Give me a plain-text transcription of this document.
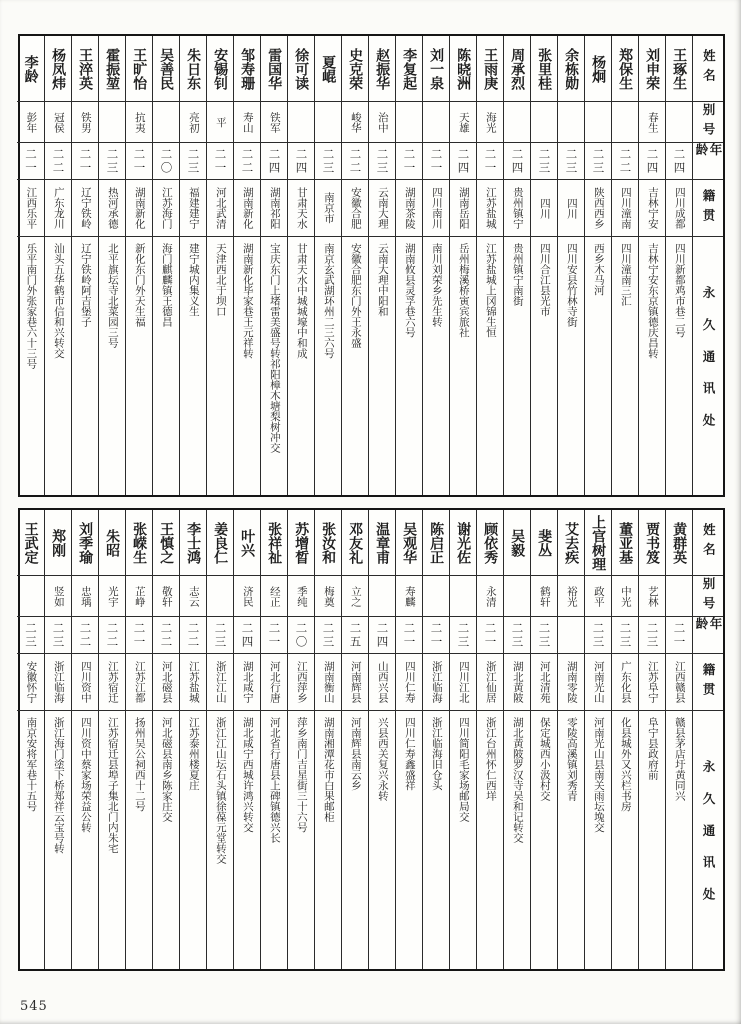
姓名
别号
年龄
籍贯
永久通讯处
王琢生
二四
四川成都
四川新都鸡市巷二号
刘申荣
春生
二四
吉林宁安
吉林宁安东京镇德庆昌转
郑保生
二二
四川潼南
四川潼南三汇
杨炯
二三
陕西西乡
西乡木马河
余栋勋
二三
四川
四川安县竹林寺街
张里桂
二三
四川
四川合江县光市
周承烈
二四
贵州镇宁
贵州镇宁南街
王雨庚
海光
二一
江苏盐城
江苏盐城上冈锦生恒
陈晓洲
天雄
二四
湖南岳阳
岳州梅溪桥寅宾旅社
刘一泉
二一
四川南川
南川刘荣乡先生转
李复起
二一
湖南茶陵
湖南攸县灵孚巷六号
赵振华
治中
二三
云南大理
云南大理中阳和
史克荣
峻华
二二
安徽合肥
安徽合肥东门外王永盛
夏崐
二三
南京市
南京玄武湖环州二三六号
徐可读
二四
甘肃天水
甘肃天水中城城壕中和成
雷国华
铁军
二四
湖南祁阳
宝庆东门上堵雷美盛号转祁阳樟木塘梨树冲交
邹寿珊
寿山
二二
湖南新化
湖南新化毕家巷王元祥转
安锡钊
平
二一
河北武清
天津西北于坝口
朱日东
亮初
二三
福建建宁
建宁城内集义生
吴善民
二〇
江苏海门
海门麒麟镇王德昌
王旷怡
抗夷
二一
湖南新化
新化东门外天生福
霍振堃
二三
热河承德
北平旗坛寺北菜园三号
王淬英
铁男
二一
辽宁铁岭
辽宁铁岭阿吉堡子
杨凤炜
冠侯
二二
广东龙川
汕头五华鹤市信和兴转交
李龄
彭年
二一
江西乐平
乐平南门外张家巷六十三号
姓名
别号
年龄
籍贯
永久通讯处
黄群英
二一
江西赣县
赣县茅店圩黄同兴
贾书笈
艺林
二三
江苏阜宁
阜宁县政府前
董亚基
中光
二三
广东化县
化县城外又兴栏书房
上官树理
政平
二三
河南光山
河南光山县南关雨坛堍交
艾去疾
裕光
湖南零陵
零陵高溪镇刘秀青
斐丛
鹤轩
二三
河北清苑
保定城西小汲村交
吴毅
二三
湖北黄陂
湖北黄陂罗汉寺吴和记转交
顾依秀
永清
二一
浙江仙居
浙江台州怀仁西垟
谢光佐
二三
四川江北
四川简阳毛家场邮局交
陈启正
二一
浙江临海
浙江临海旧仓头
吴观华
寿麟
二一
四川仁寿
四川仁寿鑫盛祥
温章甫
二四
山西兴县
兴县西关复兴永转
邓友礼
立之
二五
河南辉县
河南辉县南云乡
张汝和
梅奠
二三
湖南衡山
湖南湘潭花市白果邮柜
苏增晳
季纯
二〇
江西萍乡
萍乡南门吉星街三十六号
张祥祉
经正
二一
河北行唐
河北省行唐县上碑镇德兴长
叶兴
济民
二四
湖北咸宁
湖北咸宁西城许鸿兴转交
姜良仁
二三
浙江江山
浙江江山坛石头镇徐葆元堂转交
李士鸿
志云
二二
江苏盐城
江苏泰州楼夏庄
王慎之
敬轩
二二
河北磁县
河北磁县南乡陈家庄交
张嵘生
芷峥
二一
江苏江都
扬州吴公祠西十二号
朱昭
光宇
二二
江苏宿迁
江苏宿迁县埠子集北门内朱宅
刘季瑜
忠瑀
二二
四川资中
四川资中蔡家场荣益公转
郑刚
竖如
二三
浙江临海
浙江海门塗下桥郑祥云宝号转
王武定
二三
安徽怀宁
南京安将军巷十五号
545
